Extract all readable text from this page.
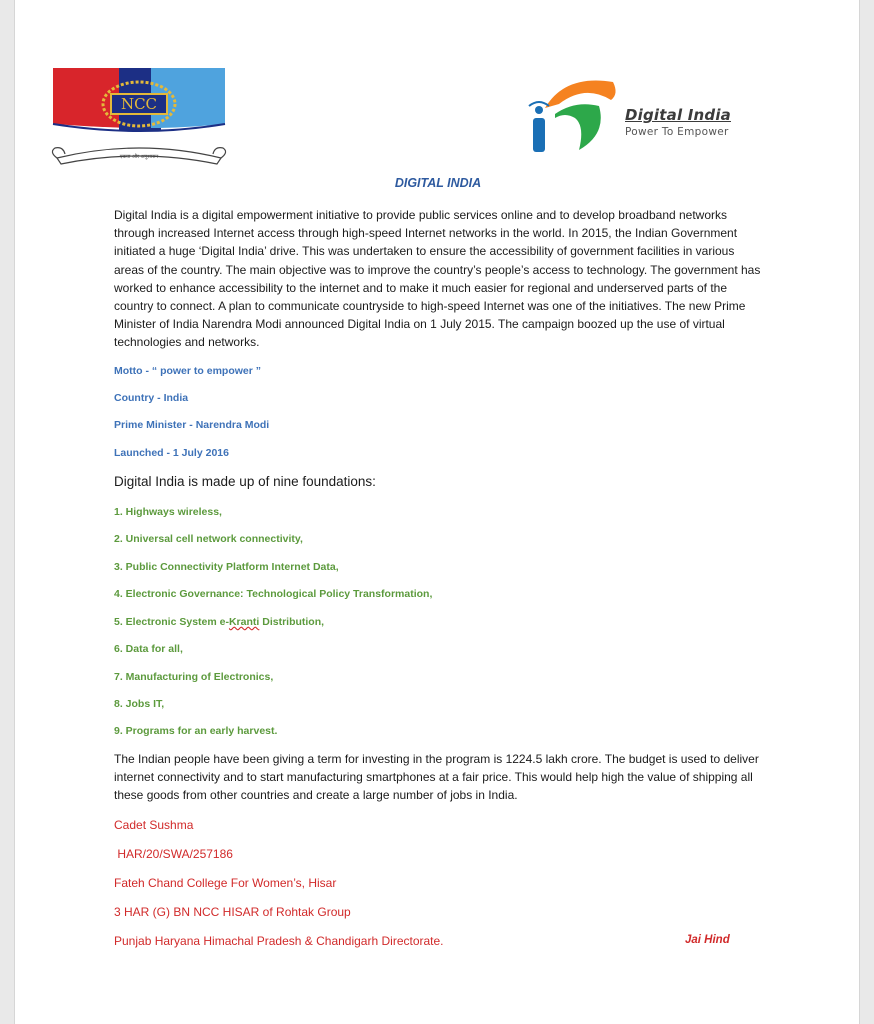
NCC
एकता और अनुशासन
Digital India
Power To Empower
DIGITAL INDIA
Digital India is a digital empowerment initiative to provide public services online and to develop broadband networks through increased Internet access through high-speed Internet networks in the world. In 2015, the Indian Government initiated a huge ‘Digital India’ drive. This was undertaken to ensure the accessibility of government facilities in various areas of the country. The main objective was to improve the country’s people’s access to technology. The government has worked to enhance accessibility to the internet and to make it much easier for regional and underserved parts of the country to connect. A plan to communicate countryside to high-speed Internet was one of the initiatives. The new Prime Minister of India Narendra Modi announced Digital India on 1 July 2015. The campaign boozed up the use of virtual technologies and networks.
Motto - “ power to empower ”
Country - India
Prime Minister - Narendra Modi
Launched - 1 July 2016
Digital India is made up of nine foundations:
1. Highways wireless,
2. Universal cell network connectivity,
3. Public Connectivity Platform Internet Data,
4. Electronic Governance: Technological Policy Transformation,
5. Electronic System e-Kranti Distribution,
6. Data for all,
7. Manufacturing of Electronics,
8. Jobs IT,
9. Programs for an early harvest.
The Indian people have been giving a term for investing in the program is 1224.5 lakh crore. The budget is used to deliver internet connectivity and to start manufacturing smartphones at a fair price. This would help high the value of shipping all these goods from other countries and create a large number of jobs in India.
Cadet Sushma
HAR/20/SWA/257186
Fateh Chand College For Women’s, Hisar
3 HAR (G) BN NCC HISAR of Rohtak Group
Punjab Haryana Himachal Pradesh & Chandigarh Directorate.	Jai Hind
